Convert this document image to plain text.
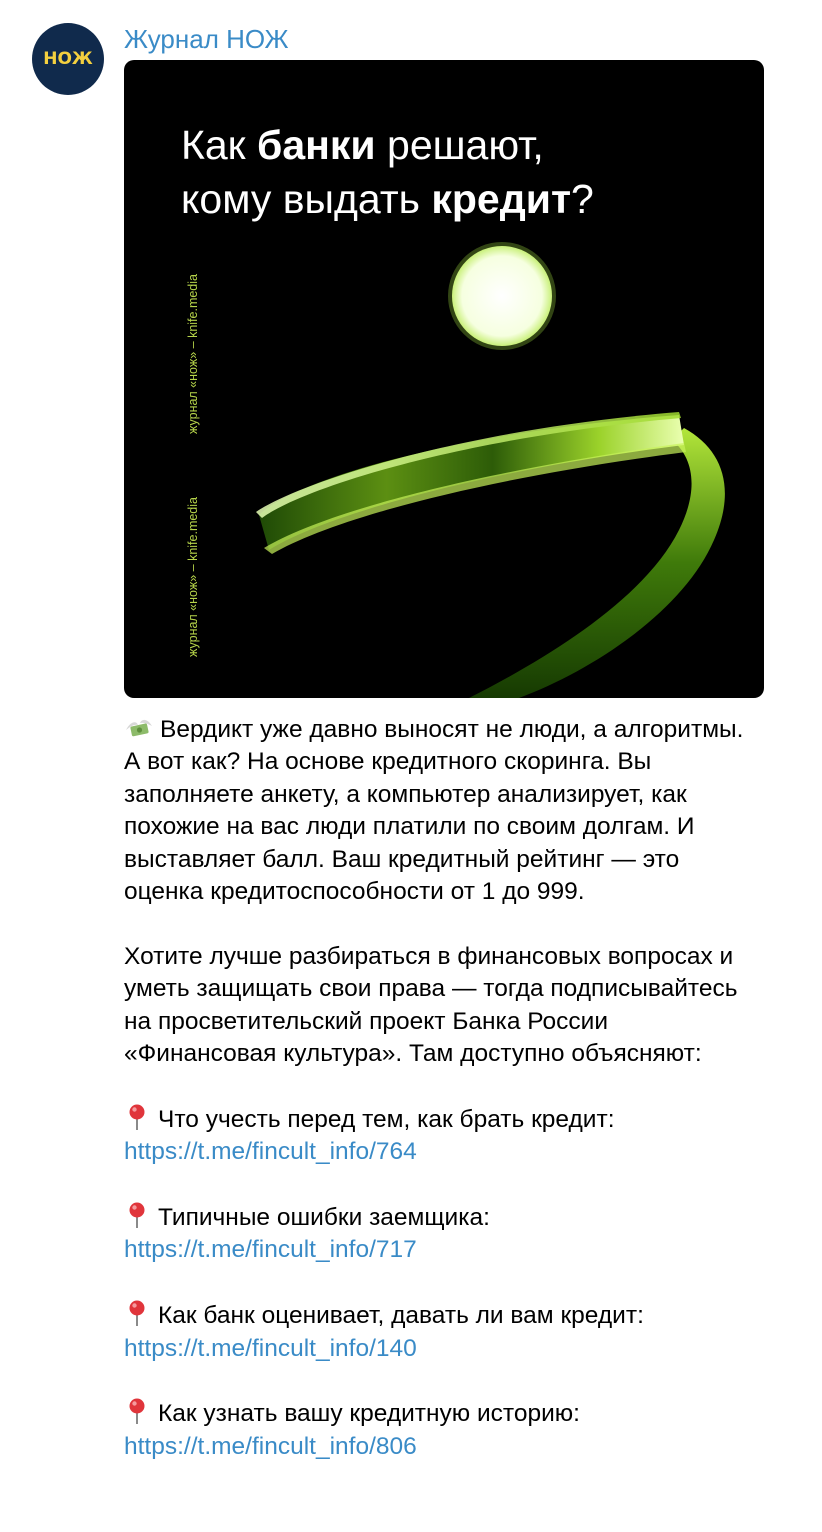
НОЖ
Журнал НОЖ
Как банки решают,
кому выдать кредит?
журнал «нож» – knife.media
журнал «нож» – knife.media

Вердикт уже давно выносят не люди, а алгоритмы. А вот как? На основе кредитного скоринга. Вы заполняете анкету, а компьютер анализирует, как похожие на вас люди платили по своим долгам. И выставляет балл. Ваш кредитный рейтинг — это оценка кредитоспособности от 1 до 999.

Хотите лучше разбираться в финансовых вопросах и уметь защищать свои права — тогда подписывайтесь на просветительский проект Банка России «Финансовая культура». Там доступно объясняют:

Что учесть перед тем, как брать кредит: https://t.me/fincult_info/764

Типичные ошибки заемщика: https://t.me/fincult_info/717

Как банк оценивает, давать ли вам кредит: https://t.me/fincult_info/140

Как узнать вашу кредитную историю: https://t.me/fincult_info/806
